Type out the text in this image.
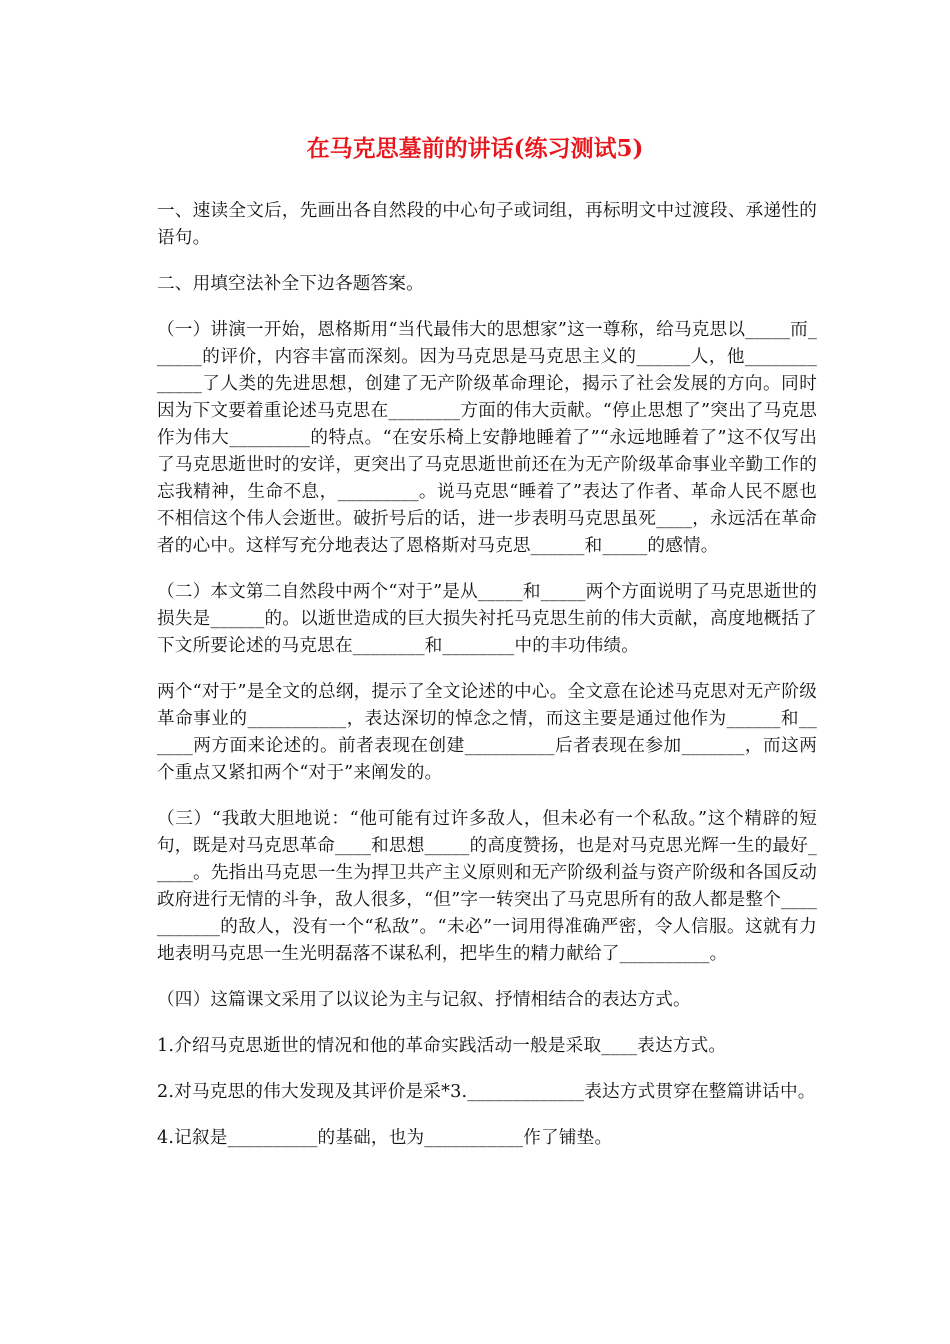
在马克思墓前的讲话(练习测试5)

一、速读全文后，先画出各自然段的中心句子或词组，再标明文中过渡段、承递性的语句。

二、用填空法补全下边各题答案。

（一）讲演一开始，恩格斯用“当代最伟大的思想家”这一尊称，给马克思以_____而______的评价，内容丰富而深刻。因为马克思是马克思主义的______人，他_____________了人类的先进思想，创建了无产阶级革命理论，揭示了社会发展的方向。同时因为下文要着重论述马克思在________方面的伟大贡献。“停止思想了”突出了马克思作为伟大_________的特点。“在安乐椅上安静地睡着了”“永远地睡着了”这不仅写出了马克思逝世时的安详，更突出了马克思逝世前还在为无产阶级革命事业辛勤工作的忘我精神，生命不息，_________。说马克思“睡着了”表达了作者、革命人民不愿也不相信这个伟人会逝世。破折号后的话，进一步表明马克思虽死____，永远活在革命者的心中。这样写充分地表达了恩格斯对马克思______和_____的感情。

（二）本文第二自然段中两个“对于”是从_____和_____两个方面说明了马克思逝世的损失是______的。以逝世造成的巨大损失衬托马克思生前的伟大贡献，高度地概括了下文所要论述的马克思在________和________中的丰功伟绩。

两个“对于”是全文的总纲，提示了全文论述的中心。全文意在论述马克思对无产阶级革命事业的___________，表达深切的悼念之情，而这主要是通过他作为______和______两方面来论述的。前者表现在创建__________后者表现在参加_______，而这两个重点又紧扣两个“对于”来阐发的。

（三）“我敢大胆地说：“他可能有过许多敌人，但未必有一个私敌。”这个精辟的短句，既是对马克思革命____和思想_____的高度赞扬，也是对马克思光辉一生的最好_____。先指出马克思一生为捍卫共产主义原则和无产阶级利益与资产阶级和各国反动政府进行无情的斗争，敌人很多，“但”字一转突出了马克思所有的敌人都是整个___________的敌人，没有一个“私敌”。“未必”一词用得准确严密，令人信服。这就有力地表明马克思一生光明磊落不谋私利，把毕生的精力献给了__________。

（四）这篇课文采用了以议论为主与记叙、抒情相结合的表达方式。

1.介绍马克思逝世的情况和他的革命实践活动一般是采取____表达方式。

2.对马克思的伟大发现及其评价是采*3._____________表达方式贯穿在整篇讲话中。

4.记叙是__________的基础，也为___________作了铺垫。
